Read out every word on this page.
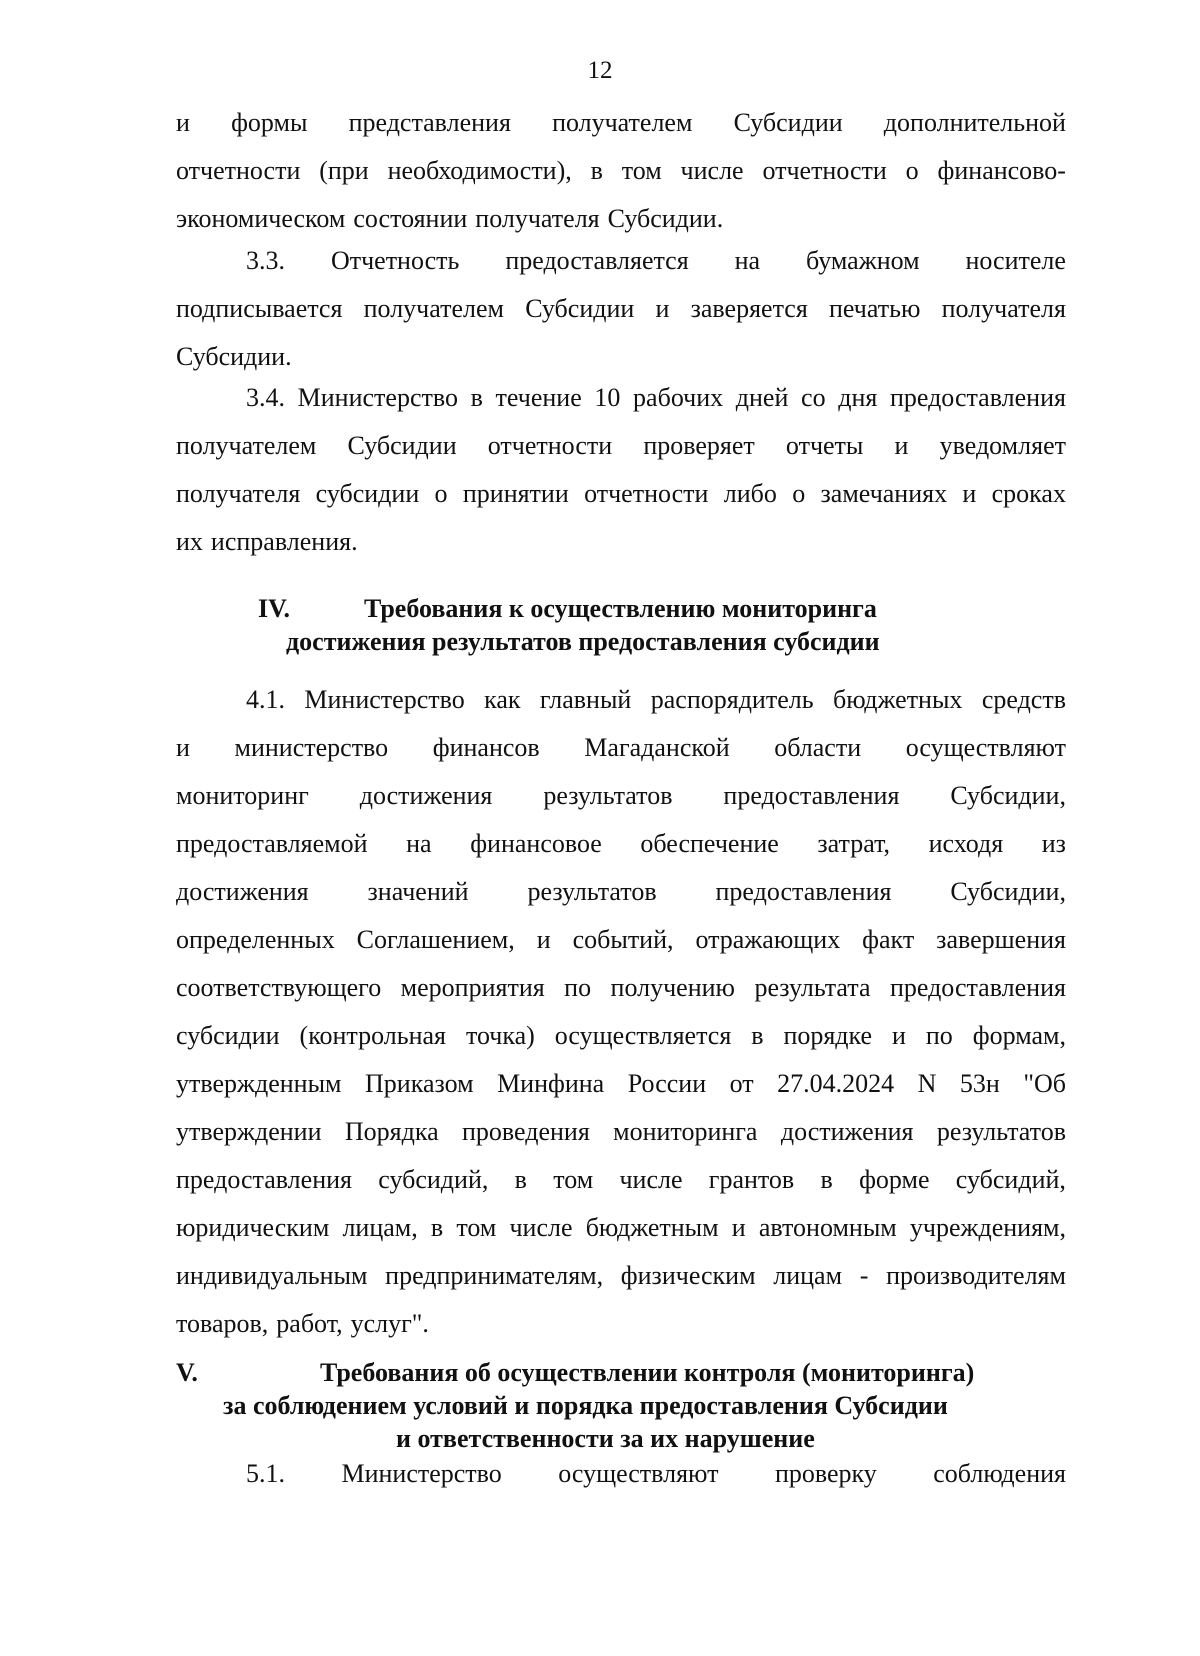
12
и формы представления получателем Субсидии дополнительной
отчетности (при необходимости), в том числе отчетности о финансово-
экономическом состоянии получателя Субсидии.
3.3. Отчетность предоставляется на бумажном носителе
подписывается получателем Субсидии и заверяется печатью получателя
Субсидии.
3.4. Министерство в течение 10 рабочих дней со дня предоставления
получателем Субсидии отчетности проверяет отчеты и уведомляет
получателя субсидии о принятии отчетности либо о замечаниях и сроках
их исправления.
IV.	Требования к осуществлению мониторинга
достижения результатов предоставления субсидии
4.1. Министерство как главный распорядитель бюджетных средств
и министерство финансов Магаданской области осуществляют
мониторинг достижения результатов предоставления Субсидии,
предоставляемой на финансовое обеспечение затрат, исходя из
достижения значений результатов предоставления Субсидии,
определенных Соглашением, и событий, отражающих факт завершения
соответствующего мероприятия по получению результата предоставления
субсидии (контрольная точка) осуществляется в порядке и по формам,
утвержденным Приказом Минфина России от 27.04.2024 N 53н "Об
утверждении Порядка проведения мониторинга достижения результатов
предоставления субсидий, в том числе грантов в форме субсидий,
юридическим лицам, в том числе бюджетным и автономным учреждениям,
индивидуальным предпринимателям, физическим лицам - производителям
товаров, работ, услуг".
V.	Требования об осуществлении контроля (мониторинга)
за соблюдением условий и порядка предоставления Субсидии
и ответственности за их нарушение
5.1. Министерство осуществляют проверку соблюдения
